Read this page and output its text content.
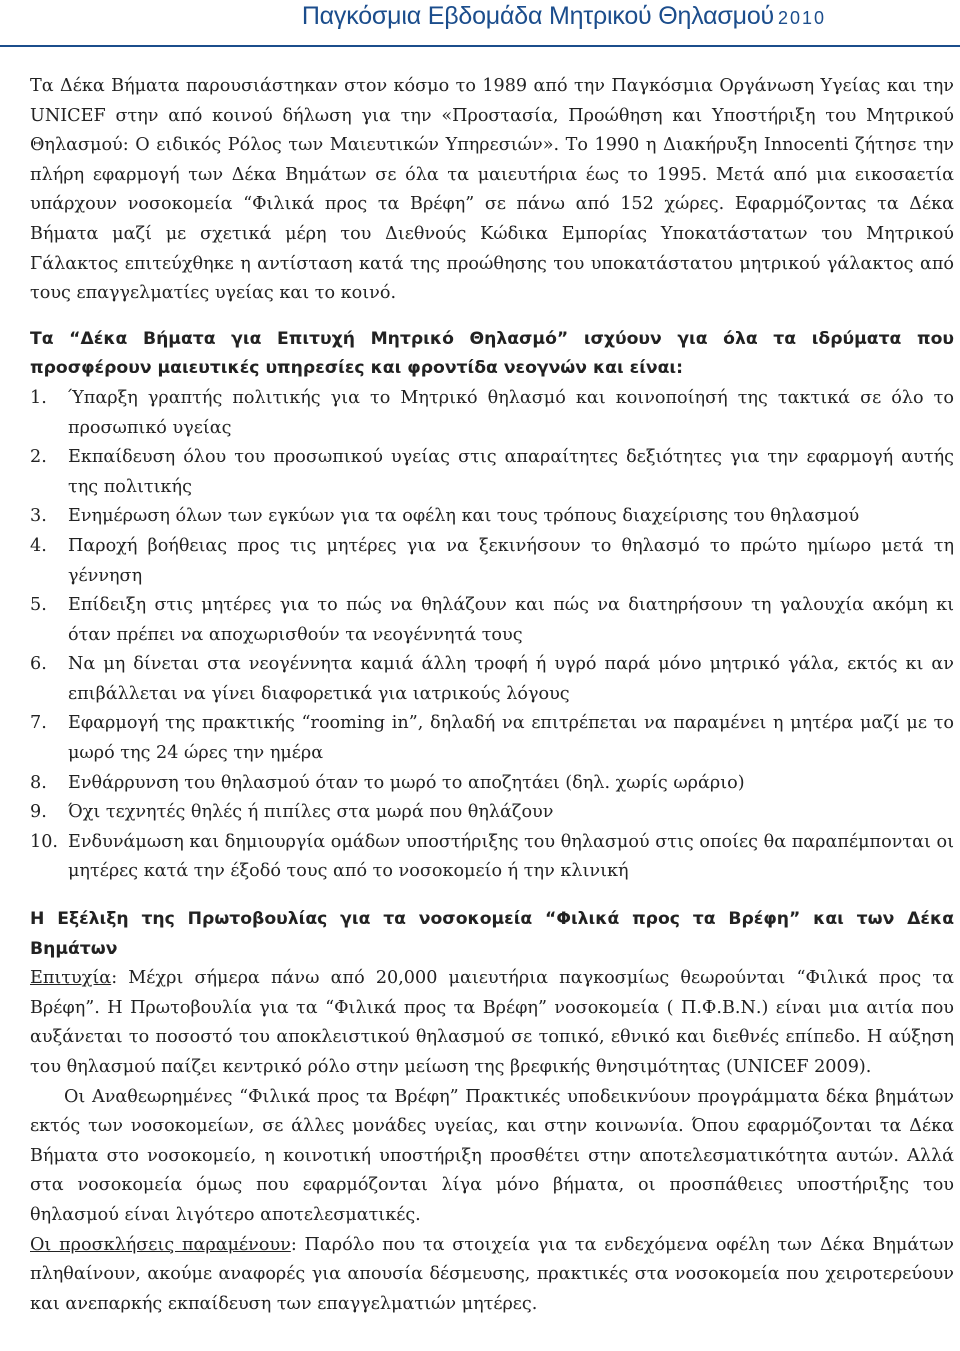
Παγκόσμια Εβδομάδα Μητρικού Θηλασμού 2010

Τα Δέκα Βήματα παρουσιάστηκαν στον κόσμο το 1989 από την Παγκόσμια Οργάνωση Υγείας και την UNICEF στην από κοινού δήλωση για την «Προστασία, Προώθηση και Υποστήριξη του Μητρικού Θηλασμού: Ο ειδικός Ρόλος των Μαιευτικών Υπηρεσιών». Το 1990 η Διακήρυξη Innocenti ζήτησε την πλήρη εφαρμογή των Δέκα Βημάτων σε όλα τα μαιευτήρια έως το 1995. Μετά από μια εικοσαετία υπάρχουν νοσοκομεία “Φιλικά προς τα Βρέφη” σε πάνω από 152 χώρες. Εφαρμόζοντας τα Δέκα Βήματα μαζί με σχετικά μέρη του Διεθνούς Κώδικα Εμπορίας Υποκατάστατων του Μητρικού Γάλακτος επιτεύχθηκε η αντίσταση κατά της προώθησης του υποκατάστατου μητρικού γάλακτος από τους επαγγελματίες υγείας και το κοινό.

Τα “Δέκα Βήματα για Επιτυχή Μητρικό Θηλασμό” ισχύουν για όλα τα ιδρύματα που προσφέρουν μαιευτικές υπηρεσίες και φροντίδα νεογνών και είναι:

1.	Ύπαρξη γραπτής πολιτικής για το Μητρικό θηλασμό και κοινοποίησή της τακτικά σε όλο το προσωπικό υγείας
2.	Εκπαίδευση όλου του προσωπικού υγείας στις απαραίτητες δεξιότητες για την εφαρμογή αυτής της πολιτικής
3.	Ενημέρωση όλων των εγκύων για τα οφέλη και τους τρόπους διαχείρισης του θηλασμού
4.	Παροχή βοήθειας προς τις μητέρες για να ξεκινήσουν το θηλασμό το πρώτο ημίωρο μετά τη γέννηση
5.	Επίδειξη στις μητέρες για το πώς να θηλάζουν και πώς να διατηρήσουν τη γαλουχία ακόμη κι όταν πρέπει να αποχωρισθούν τα νεογέννητά τους
6.	Να μη δίνεται στα νεογέννητα καμιά άλλη τροφή ή υγρό παρά μόνο μητρικό γάλα, εκτός κι αν επιβάλλεται να γίνει διαφορετικά για ιατρικούς λόγους
7.	Εφαρμογή της πρακτικής “rooming in”, δηλαδή να επιτρέπεται να παραμένει η μητέρα μαζί με το μωρό της 24 ώρες την ημέρα
8.	Ενθάρρυνση του θηλασμού όταν το μωρό το αποζητάει (δηλ. χωρίς ωράριο)
9.	Όχι τεχνητές θηλές ή πιπίλες στα μωρά που θηλάζουν
10. Ενδυνάμωση και δημιουργία ομάδων υποστήριξης του θηλασμού στις οποίες θα παραπέμπονται οι μητέρες κατά την έξοδό τους από το νοσοκομείο ή την κλινική

Η Εξέλιξη της Πρωτοβουλίας για τα νοσοκομεία “Φιλικά προς τα Βρέφη” και των Δέκα Βημάτων

Επιτυχία: Μέχρι σήμερα πάνω από 20,000 μαιευτήρια παγκοσμίως θεωρούνται “Φιλικά προς τα Βρέφη”. Η Πρωτοβουλία για τα “Φιλικά προς τα Βρέφη” νοσοκομεία ( Π.Φ.Β.Ν.) είναι μια αιτία που αυξάνεται το ποσοστό του αποκλειστικού θηλασμού σε τοπικό, εθνικό και διεθνές επίπεδο. Η αύξηση του θηλασμού παίζει κεντρικό ρόλο στην μείωση της βρεφικής θνησιμότητας (UNICEF 2009).

Οι Αναθεωρημένες “Φιλικά προς τα Βρέφη” Πρακτικές υποδεικνύουν προγράμματα δέκα βημάτων εκτός των νοσοκομείων, σε άλλες μονάδες υγείας, και στην κοινωνία. Όπου εφαρμόζονται τα Δέκα Βήματα στο νοσοκομείο, η κοινοτική υποστήριξη προσθέτει στην αποτελεσματικότητα αυτών. Αλλά στα νοσοκομεία όμως που εφαρμόζονται λίγα μόνο βήματα, οι προσπάθειες υποστήριξης του θηλασμού είναι λιγότερο αποτελεσματικές.

Οι προσκλήσεις παραμένουν: Παρόλο που τα στοιχεία για τα ενδεχόμενα οφέλη των Δέκα Βημάτων πληθαίνουν, ακούμε αναφορές για απουσία δέσμευσης, πρακτικές στα νοσοκομεία που χειροτερεύουν και ανεπαρκής εκπαίδευση των επαγγελματιών μητέρες.
